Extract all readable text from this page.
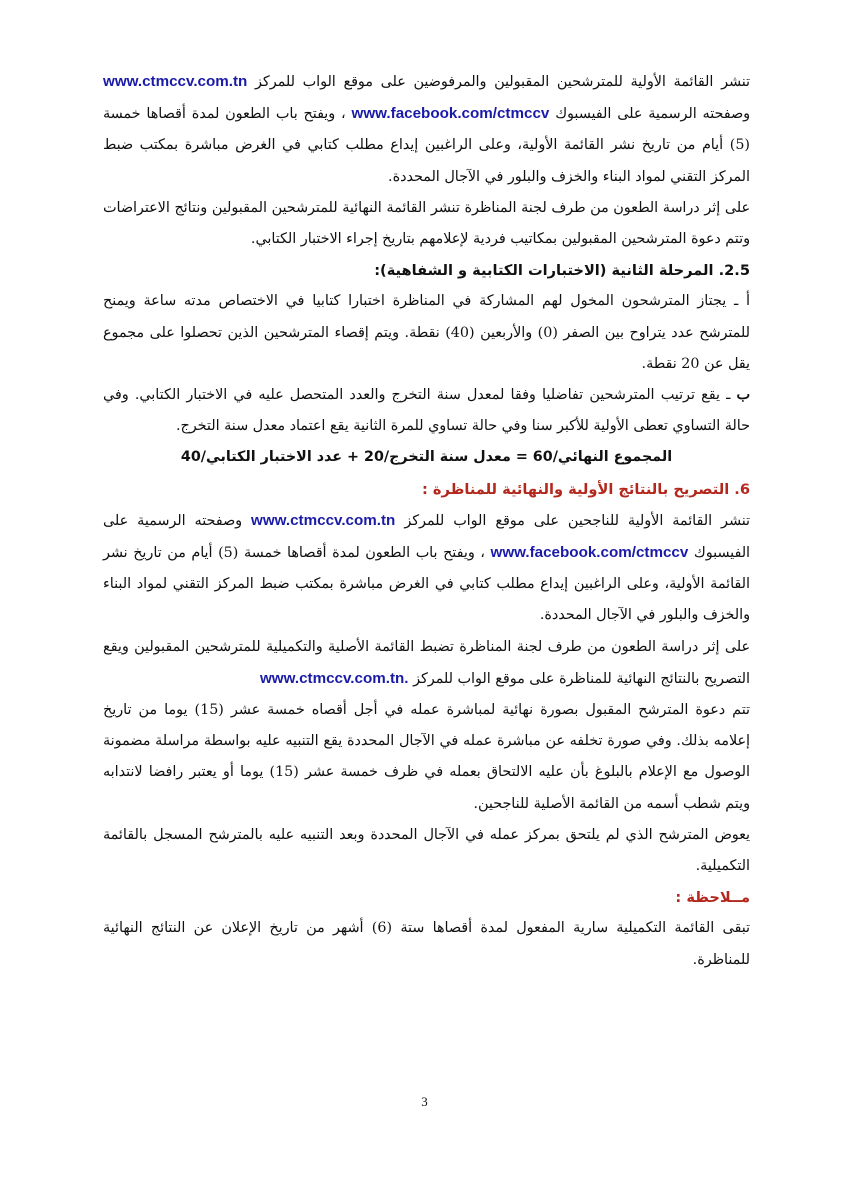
تنشر القائمة الأولية للمترشحين المقبولين والمرفوضين على موقع الواب للمركز www.ctmccv.com.tn وصفحته الرسمية على الفيسبوك www.facebook.com/ctmccv ، ويفتح باب الطعون لمدة أقصاها خمسة (5) أيام من تاريخ نشر القائمة الأولية، وعلى الراغبين إيداع مطلب كتابي في الغرض مباشرة بمكتب ضبط المركز التقني لمواد البناء والخزف والبلور في الآجال المحددة.

على إثر دراسة الطعون من طرف لجنة المناظرة تنشر القائمة النهائية للمترشحين المقبولين ونتائج الاعتراضات وتتم دعوة المترشحين المقبولين بمكاتيب فردية لإعلامهم بتاريخ إجراء الاختبار الكتابي.

2.5. المرحلة الثانية (الاختبارات الكتابية و الشفاهية):

أ ـ يجتاز المترشحون المخول لهم المشاركة في المناظرة اختبارا كتابيا في الاختصاص مدته ساعة ويمنح للمترشح عدد يتراوح بين الصفر (0) والأربعين (40) نقطة. ويتم إقصاء المترشحين الذين تحصلوا على مجموع يقل عن 20 نقطة.

ب ـ يقع ترتيب المترشحين تفاضليا وفقا لمعدل سنة التخرج والعدد المتحصل عليه في الاختبار الكتابي. وفي حالة التساوي تعطى الأولية للأكبر سنا وفي حالة تساوي للمرة الثانية يقع اعتماد معدل سنة التخرج.

المجموع النهائي/60 = معدل سنة التخرج/20 + عدد الاختبار الكتابي/40

6. التصريح بالنتائج الأولية والنهائية للمناظرة :

تنشر القائمة الأولية للناجحين على موقع الواب للمركز www.ctmccv.com.tn وصفحته الرسمية على الفيسبوك www.facebook.com/ctmccv ، ويفتح باب الطعون لمدة أقصاها خمسة (5) أيام من تاريخ نشر القائمة الأولية، وعلى الراغبين إيداع مطلب كتابي في الغرض مباشرة بمكتب ضبط المركز التقني لمواد البناء والخزف والبلور في الآجال المحددة.

على إثر دراسة الطعون من طرف لجنة المناظرة تضبط القائمة الأصلية والتكميلية للمترشحين المقبولين ويقع التصريح بالنتائج النهائية للمناظرة على موقع الواب للمركز www.ctmccv.com.tn.

تتم دعوة المترشح المقبول بصورة نهائية لمباشرة عمله في أجل أقصاه خمسة عشر (15) يوما من تاريخ إعلامه بذلك. وفي صورة تخلفه عن مباشرة عمله في الآجال المحددة يقع التنبيه عليه بواسطة مراسلة مضمونة الوصول مع الإعلام بالبلوغ بأن عليه الالتحاق بعمله في ظرف خمسة عشر (15) يوما أو يعتبر رافضا لانتدابه ويتم شطب أسمه من القائمة الأصلية للناجحين.

يعوض المترشح الذي لم يلتحق بمركز عمله في الآجال المحددة وبعد التنبيه عليه بالمترشح المسجل بالقائمة التكميلية.

مــلاحظة :

تبقى القائمة التكميلية سارية المفعول لمدة أقصاها ستة (6) أشهر من تاريخ الإعلان عن النتائج النهائية للمناظرة.

3
